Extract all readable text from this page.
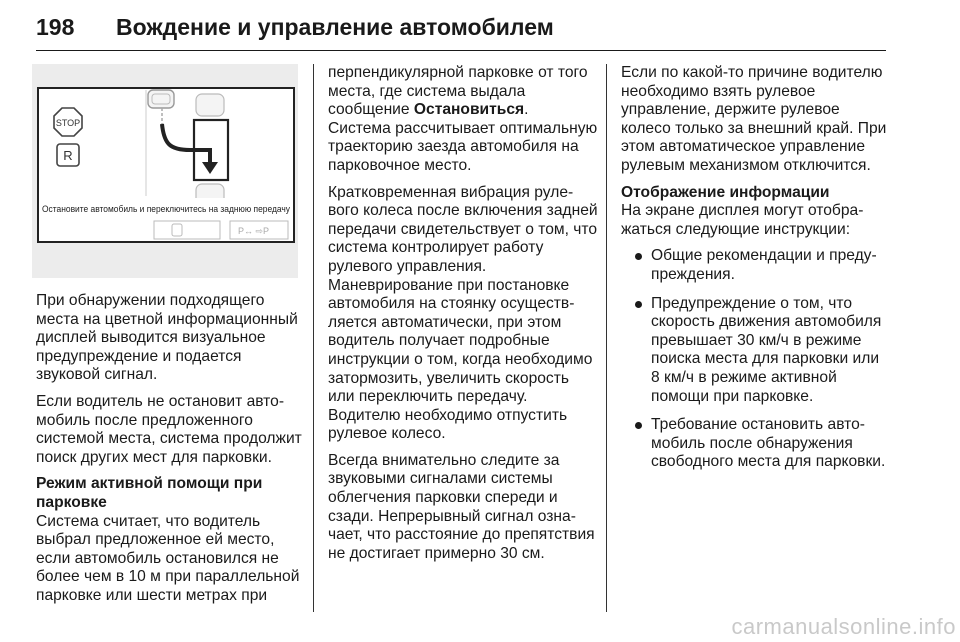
198 Вождение и управление автомобилем
STOP
R
Остановите автомобиль и переключитесь на заднюю передачу
P↔ ⇨P

При обнаружении подходящего места на цветной информационный дисплей выводится визуальное предупреждение и подается звуковой сигнал.

Если водитель не остановит автомобиль после предложенного системой места, система продолжит поиск других мест для парковки.

Режим активной помощи при парковке

Система считает, что водитель выбрал предложенное ей место, если автомобиль остановился не более чем в 10 м при параллельной парковке или шести метрах при

перпендикулярной парковке от того места, где система выдала сообщение Остановиться.
Система рассчитывает оптимальную траекторию заезда автомобиля на парковочное место.

Кратковременная вибрация рулевого колеса после включения задней передачи свидетельствует о том, что система контролирует работу рулевого управления.
Маневрирование при постановке автомобиля на стоянку осуществляется автоматически, при этом водитель получает подробные инструкции о том, когда необходимо затормозить, увеличить скорость или переключить передачу. Водителю необходимо отпустить рулевое колесо.

Всегда внимательно следите за звуковыми сигналами системы облегчения парковки спереди и сзади. Непрерывный сигнал означает, что расстояние до препятствия не достигает примерно 30 см.

Если по какой-то причине водителю необходимо взять рулевое управление, держите рулевое колесо только за внешний край. При этом автоматическое управление рулевым механизмом отключится.

Отображение информации

На экране дисплея могут отображаться следующие инструкции:

Общие рекомендации и предупреждения.
Предупреждение о том, что скорость движения автомобиля превышает 30 км/ч в режиме поиска места для парковки или 8 км/ч в режиме активной помощи при парковке.
Требование остановить автомобиль после обнаружения свободного места для парковки.
carmanualsonline.info
